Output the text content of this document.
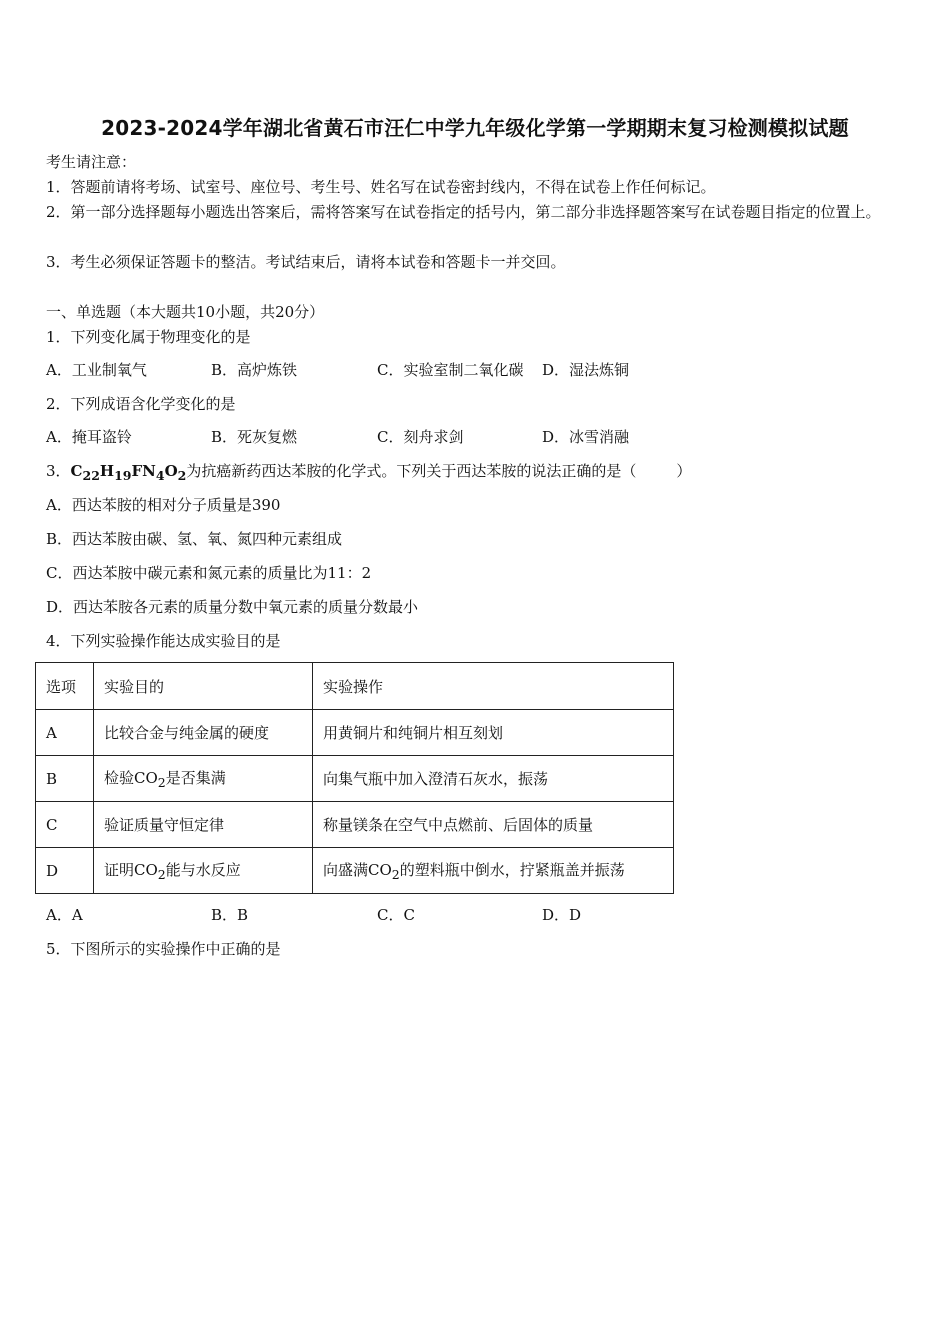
2023-2024学年湖北省黄石市汪仁中学九年级化学第一学期期末复习检测模拟试题
考生请注意：
1．答题前请将考场、试室号、座位号、考生号、姓名写在试卷密封线内，不得在试卷上作任何标记。
2．第一部分选择题每小题选出答案后，需将答案写在试卷指定的括号内，第二部分非选择题答案写在试卷题目指定的位置上。
3．考生必须保证答题卡的整洁。考试结束后，请将本试卷和答题卡一并交回。
一、单选题（本大题共10小题，共20分）
1．下列变化属于物理变化的是
A．工业制氧气	B．高炉炼铁	C．实验室制二氧化碳 D．湿法炼铜
2．下列成语含化学变化的是
A．掩耳盗铃	B．死灰复燃	C．刻舟求剑	D．冰雪消融
3．$C_{22}H_{19}FN_4O_2$为抗癌新药西达苯胺的化学式。下列关于西达苯胺的说法正确的是（	）
A．西达苯胺的相对分子质量是390
B．西达苯胺由碳、氢、氧、氮四种元素组成
C．西达苯胺中碳元素和氮元素的质量比为11：2
D．西达苯胺各元素的质量分数中氧元素的质量分数最小
4．下列实验操作能达成实验目的是
选项	实验目的	实验操作
A	比较合金与纯金属的硬度	用黄铜片和纯铜片相互刻划
B	检验$CO_2$是否集满	向集气瓶中加入澄清石灰水，振荡
C	验证质量守恒定律	称量镁条在空气中点燃前、后固体的质量
D	证明$CO_2$能与水反应	向盛满$CO_2$的塑料瓶中倒水，拧紧瓶盖并振荡
A．A	B．B	C．C	D．D
5．下图所示的实验操作中正确的是
